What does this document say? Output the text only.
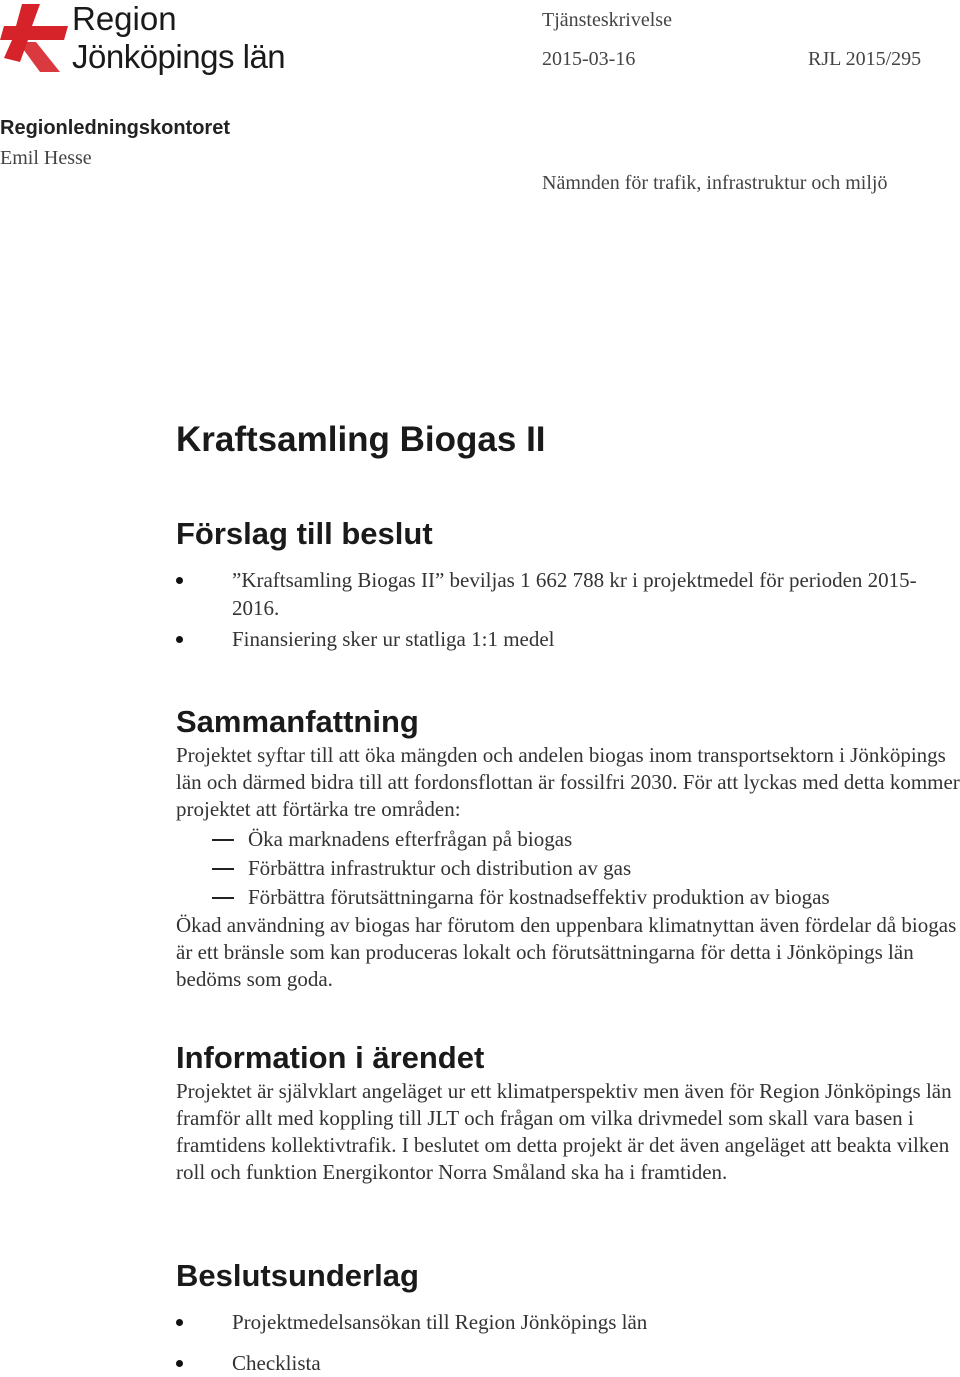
Region
Jönköpings län
Tjänsteskrivelse
2015-03-16	RJL 2015/295
Regionledningskontoret
Emil Hesse
Nämnden för trafik, infrastruktur och miljö
Kraftsamling Biogas II
Förslag till beslut
”Kraftsamling Biogas II” beviljas 1 662 788 kr i projektmedel för perioden 2015-2016.
Finansiering sker ur statliga 1:1 medel
Sammanfattning

Projektet syftar till att öka mängden och andelen biogas inom transportsektorn i Jönköpings län och därmed bidra till att fordonsflottan är fossilfri 2030. För att lyckas med detta kommer projektet att förtärka tre områden:

Öka marknadens efterfrågan på biogas
Förbättra infrastruktur och distribution av gas
Förbättra förutsättningarna för kostnadseffektiv produktion av biogas

Ökad användning av biogas har förutom den uppenbara klimatnyttan även fördelar då biogas är ett bränsle som kan produceras lokalt och förutsättningarna för detta i Jönköpings län bedöms som goda.

Information i ärendet

Projektet är självklart angeläget ur ett klimatperspektiv men även för Region Jönköpings län framför allt med koppling till JLT och frågan om vilka drivmedel som skall vara basen i framtidens kollektivtrafik. I beslutet om detta projekt är det även angeläget att beakta vilken roll och funktion Energikontor Norra Småland ska ha i framtiden.

Beslutsunderlag
Projektmedelsansökan till Region Jönköpings län
Checklista
